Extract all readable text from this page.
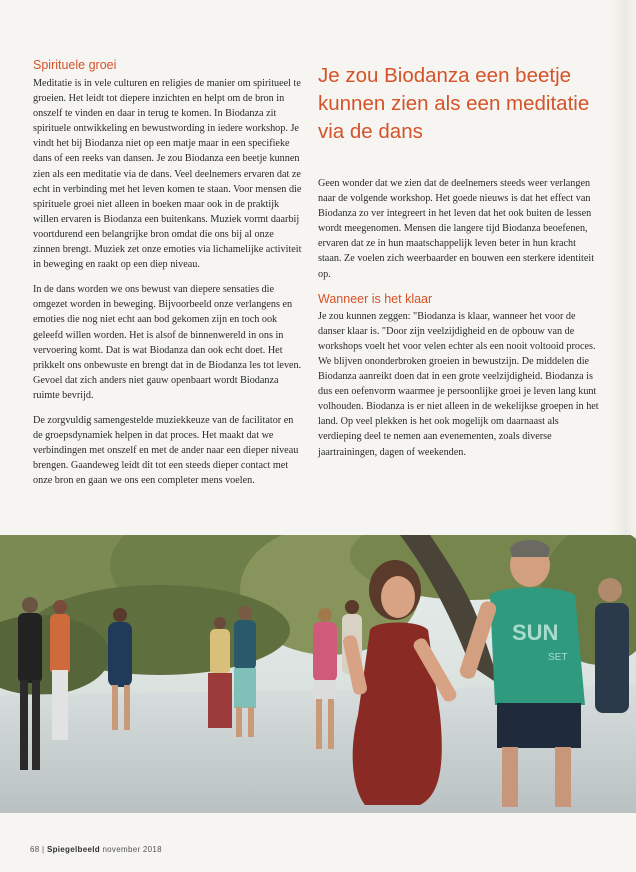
Spirituele groei

Meditatie is in vele culturen en religies de manier om spiritueel te groeien. Het leidt tot diepere inzichten en helpt om de bron in onszelf te vinden en daar in terug te komen. In Biodanza zit spirituele ontwikkeling en bewustwording in iedere workshop. Je vindt het bij Biodanza niet op een matje maar in een specifieke dans of een reeks van dansen. Je zou Biodanza een beetje kunnen zien als een meditatie via de dans. Veel deelnemers ervaren dat ze echt in verbinding met het leven komen te staan. Voor mensen die spirituele groei niet alleen in boeken maar ook in de praktijk willen ervaren is Biodanza een buitenkans. Muziek vormt daarbij voortdurend een belangrijke bron omdat die ons bij al onze zinnen brengt. Muziek zet onze emoties via lichamelijke activiteit in beweging en raakt op een diep niveau.

In de dans worden we ons bewust van diepere sensaties die omgezet worden in beweging. Bijvoorbeeld onze verlangens en emoties die nog niet echt aan bod gekomen zijn en toch ook geleefd willen worden. Het is alsof de binnenwereld in ons in vervoering komt. Dat is wat Biodanza dan ook echt doet. Het prikkelt ons onbewuste en brengt dat in de Biodanza les tot leven. Gevoel dat zich anders niet gauw openbaart wordt Biodanza ruimte bevrijd.

De zorgvuldig samengestelde muziekkeuze van de facilitator en de groepsdynamiek helpen in dat proces. Het maakt dat we verbindingen met onszelf en met de ander naar een dieper niveau brengen. Gaandeweg leidt dit tot een steeds dieper contact met onze bron en gaan we ons een completer mens voelen.

Je zou Biodanza een beetje kunnen zien als een meditatie via de dans

Geen wonder dat we zien dat de deelnemers steeds weer verlangen naar de volgende workshop. Het goede nieuws is dat het effect van Biodanza zo ver integreert in het leven dat het ook buiten de lessen wordt meegenomen. Mensen die langere tijd Biodanza beoefenen, ervaren dat ze in hun maatschappelijk leven beter in hun kracht staan. Ze voelen zich weerbaarder en bouwen een sterkere identiteit op.

Wanneer is het klaar

Je zou kunnen zeggen: "Biodanza is klaar, wanneer het voor de danser klaar is. "Door zijn veelzijdigheid en de opbouw van de workshops voelt het voor velen echter als een nooit voltooid proces. We blijven ononderbroken groeien in bewustzijn. De middelen die Biodanza aanreikt doen dat in een grote veelzijdigheid. Biodanza is dus een oefenvorm waarmee je persoonlijke groei je leven lang kunt volhouden. Biodanza is er niet alleen in de wekelijkse groepen in het land. Op veel plekken is het ook mogelijk om daarnaast als verdieping deel te nemen aan evenementen, zoals diverse jaartrainingen, dagen of weekenden.

SUN
SET
68 | Spiegelbeeld november 2018
